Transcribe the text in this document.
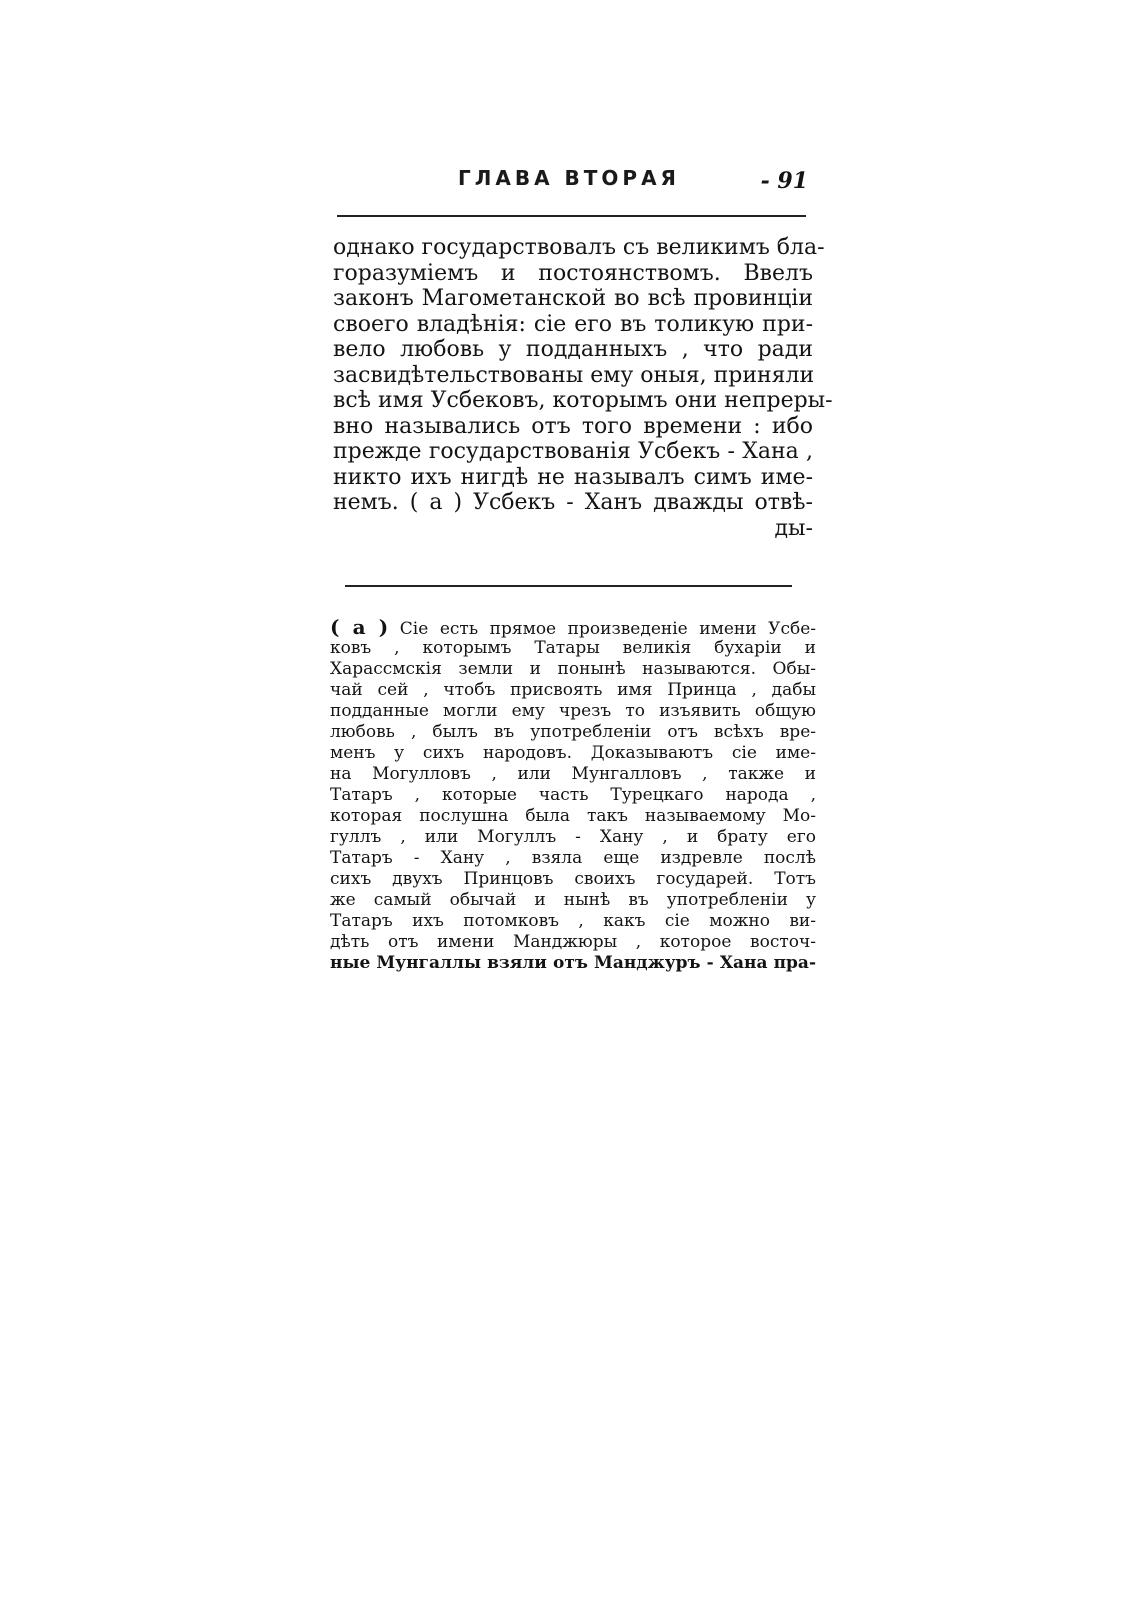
ГЛАВА ВТОРАЯ	- 91
однако государствовалъ съ великимъ бла-
горазуміемъ и постоянствомъ. Ввелъ
законъ Магометанской во всѣ провинціи
своего владѣнія: сіе его въ толикую при-
вело любовь у подданныхъ , что ради
засвидѣтельствованы ему оныя, приняли
всѣ имя Усбековъ, которымъ они непреры-
вно назывались отъ того времени : ибо
прежде государствованія Усбекъ - Хана ,
никто ихъ нигдѣ не называлъ симъ име-
немъ. ( a ) Усбекъ - Ханъ дважды отвѣ-
ды-
( a ) Сіе есть прямое произведеніе имени Усбе-
ковъ , которымъ Татары великія бухаріи и
Харассмскія земли и понынѣ называются. Обы-
чай сей , чтобъ присвоять имя Принца , дабы
подданные могли ему чрезъ то изъявить общую
любовь , былъ въ употребленіи отъ всѣхъ вре-
менъ у сихъ народовъ. Доказываютъ сіе име-
на Могулловъ , или Мунгалловъ , также и
Татаръ , которые часть Турецкаго народа ,
которая послушна была такъ называемому Мо-
гуллъ , или Могуллъ - Хану , и брату его
Татаръ - Хану , взяла еще издревле послѣ
сихъ двухъ Принцовъ своихъ государей. Тотъ
же самый обычай и нынѣ въ употребленіи у
Татаръ ихъ потомковъ , какъ сіе можно ви-
дѣть отъ имени Манджюры , которое восточ-
ные Мунгаллы взяли отъ Манджуръ - Хана пра-
